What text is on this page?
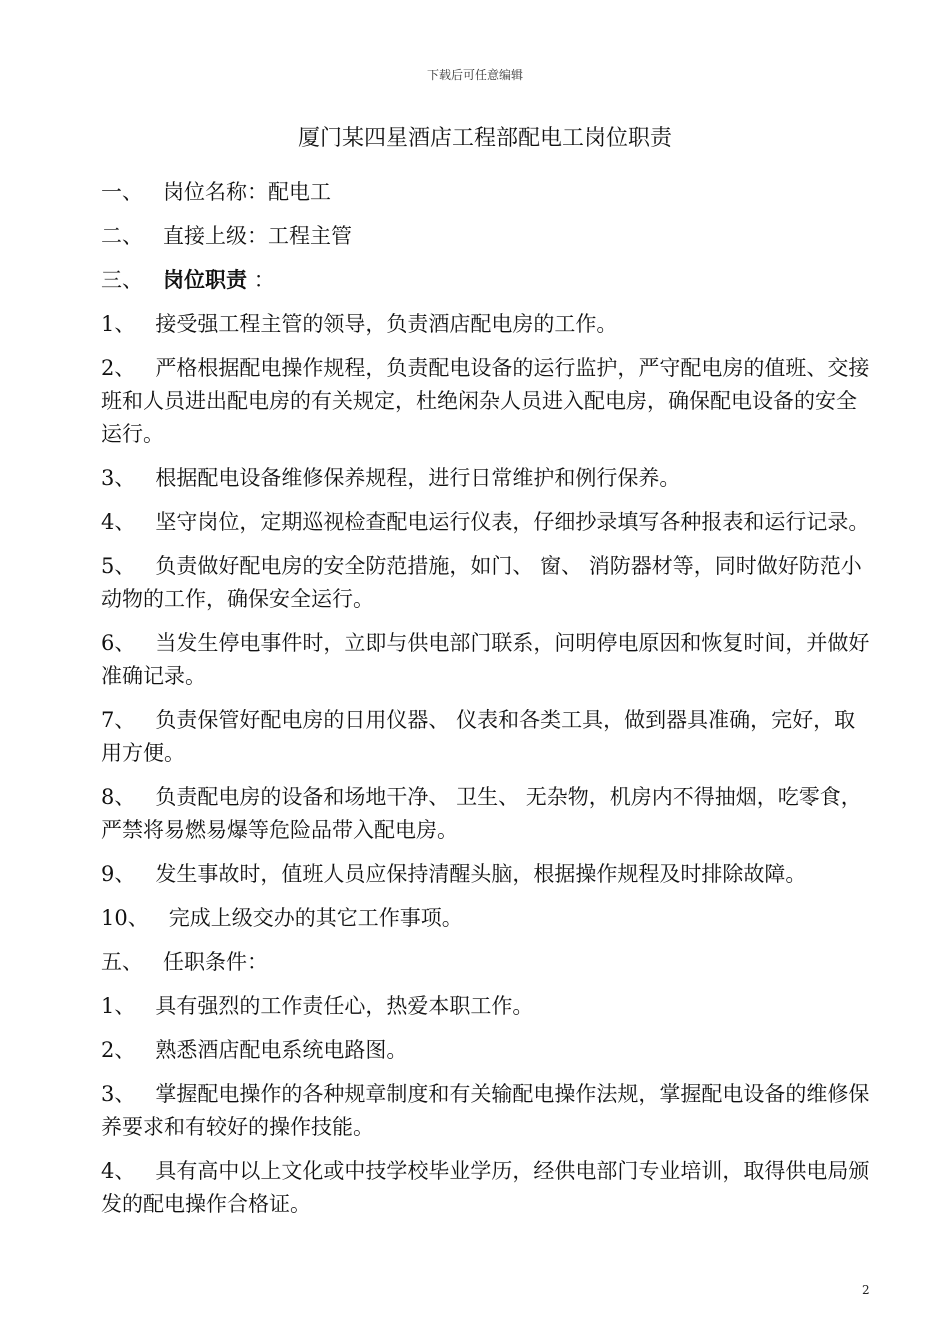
下载后可任意编辑
厦门某四星酒店工程部配电工岗位职责

一、 岗位名称：配电工

二、 直接上级：工程主管

三、 岗位职责 ：

1、 接受强工程主管的领导，负责酒店配电房的工作。

2、 严格根据配电操作规程，负责配电设备的运行监护，严守配电房的值班、交接班和人员进出配电房的有关规定，杜绝闲杂人员进入配电房，确保配电设备的安全运行。

3、 根据配电设备维修保养规程，进行日常维护和例行保养。

4、 坚守岗位，定期巡视检查配电运行仪表，仔细抄录填写各种报表和运行记录。

5、 负责做好配电房的安全防范措施，如门、 窗、 消防器材等，同时做好防范小动物的工作，确保安全运行。

6、 当发生停电事件时，立即与供电部门联系，问明停电原因和恢复时间，并做好准确记录。

7、 负责保管好配电房的日用仪器、 仪表和各类工具，做到器具准确，完好，取用方便。

8、 负责配电房的设备和场地干净、 卫生、 无杂物，机房内不得抽烟，吃零食，严禁将易燃易爆等危险品带入配电房。

9、 发生事故时，值班人员应保持清醒头脑，根据操作规程及时排除故障。

10、 完成上级交办的其它工作事项。

五、 任职条件：

1、 具有强烈的工作责任心，热爱本职工作。

2、 熟悉酒店配电系统电路图。

3、 掌握配电操作的各种规章制度和有关输配电操作法规，掌握配电设备的维修保养要求和有较好的操作技能。

4、 具有高中以上文化或中技学校毕业学历，经供电部门专业培训，取得供电局颁发的配电操作合格证。

2
